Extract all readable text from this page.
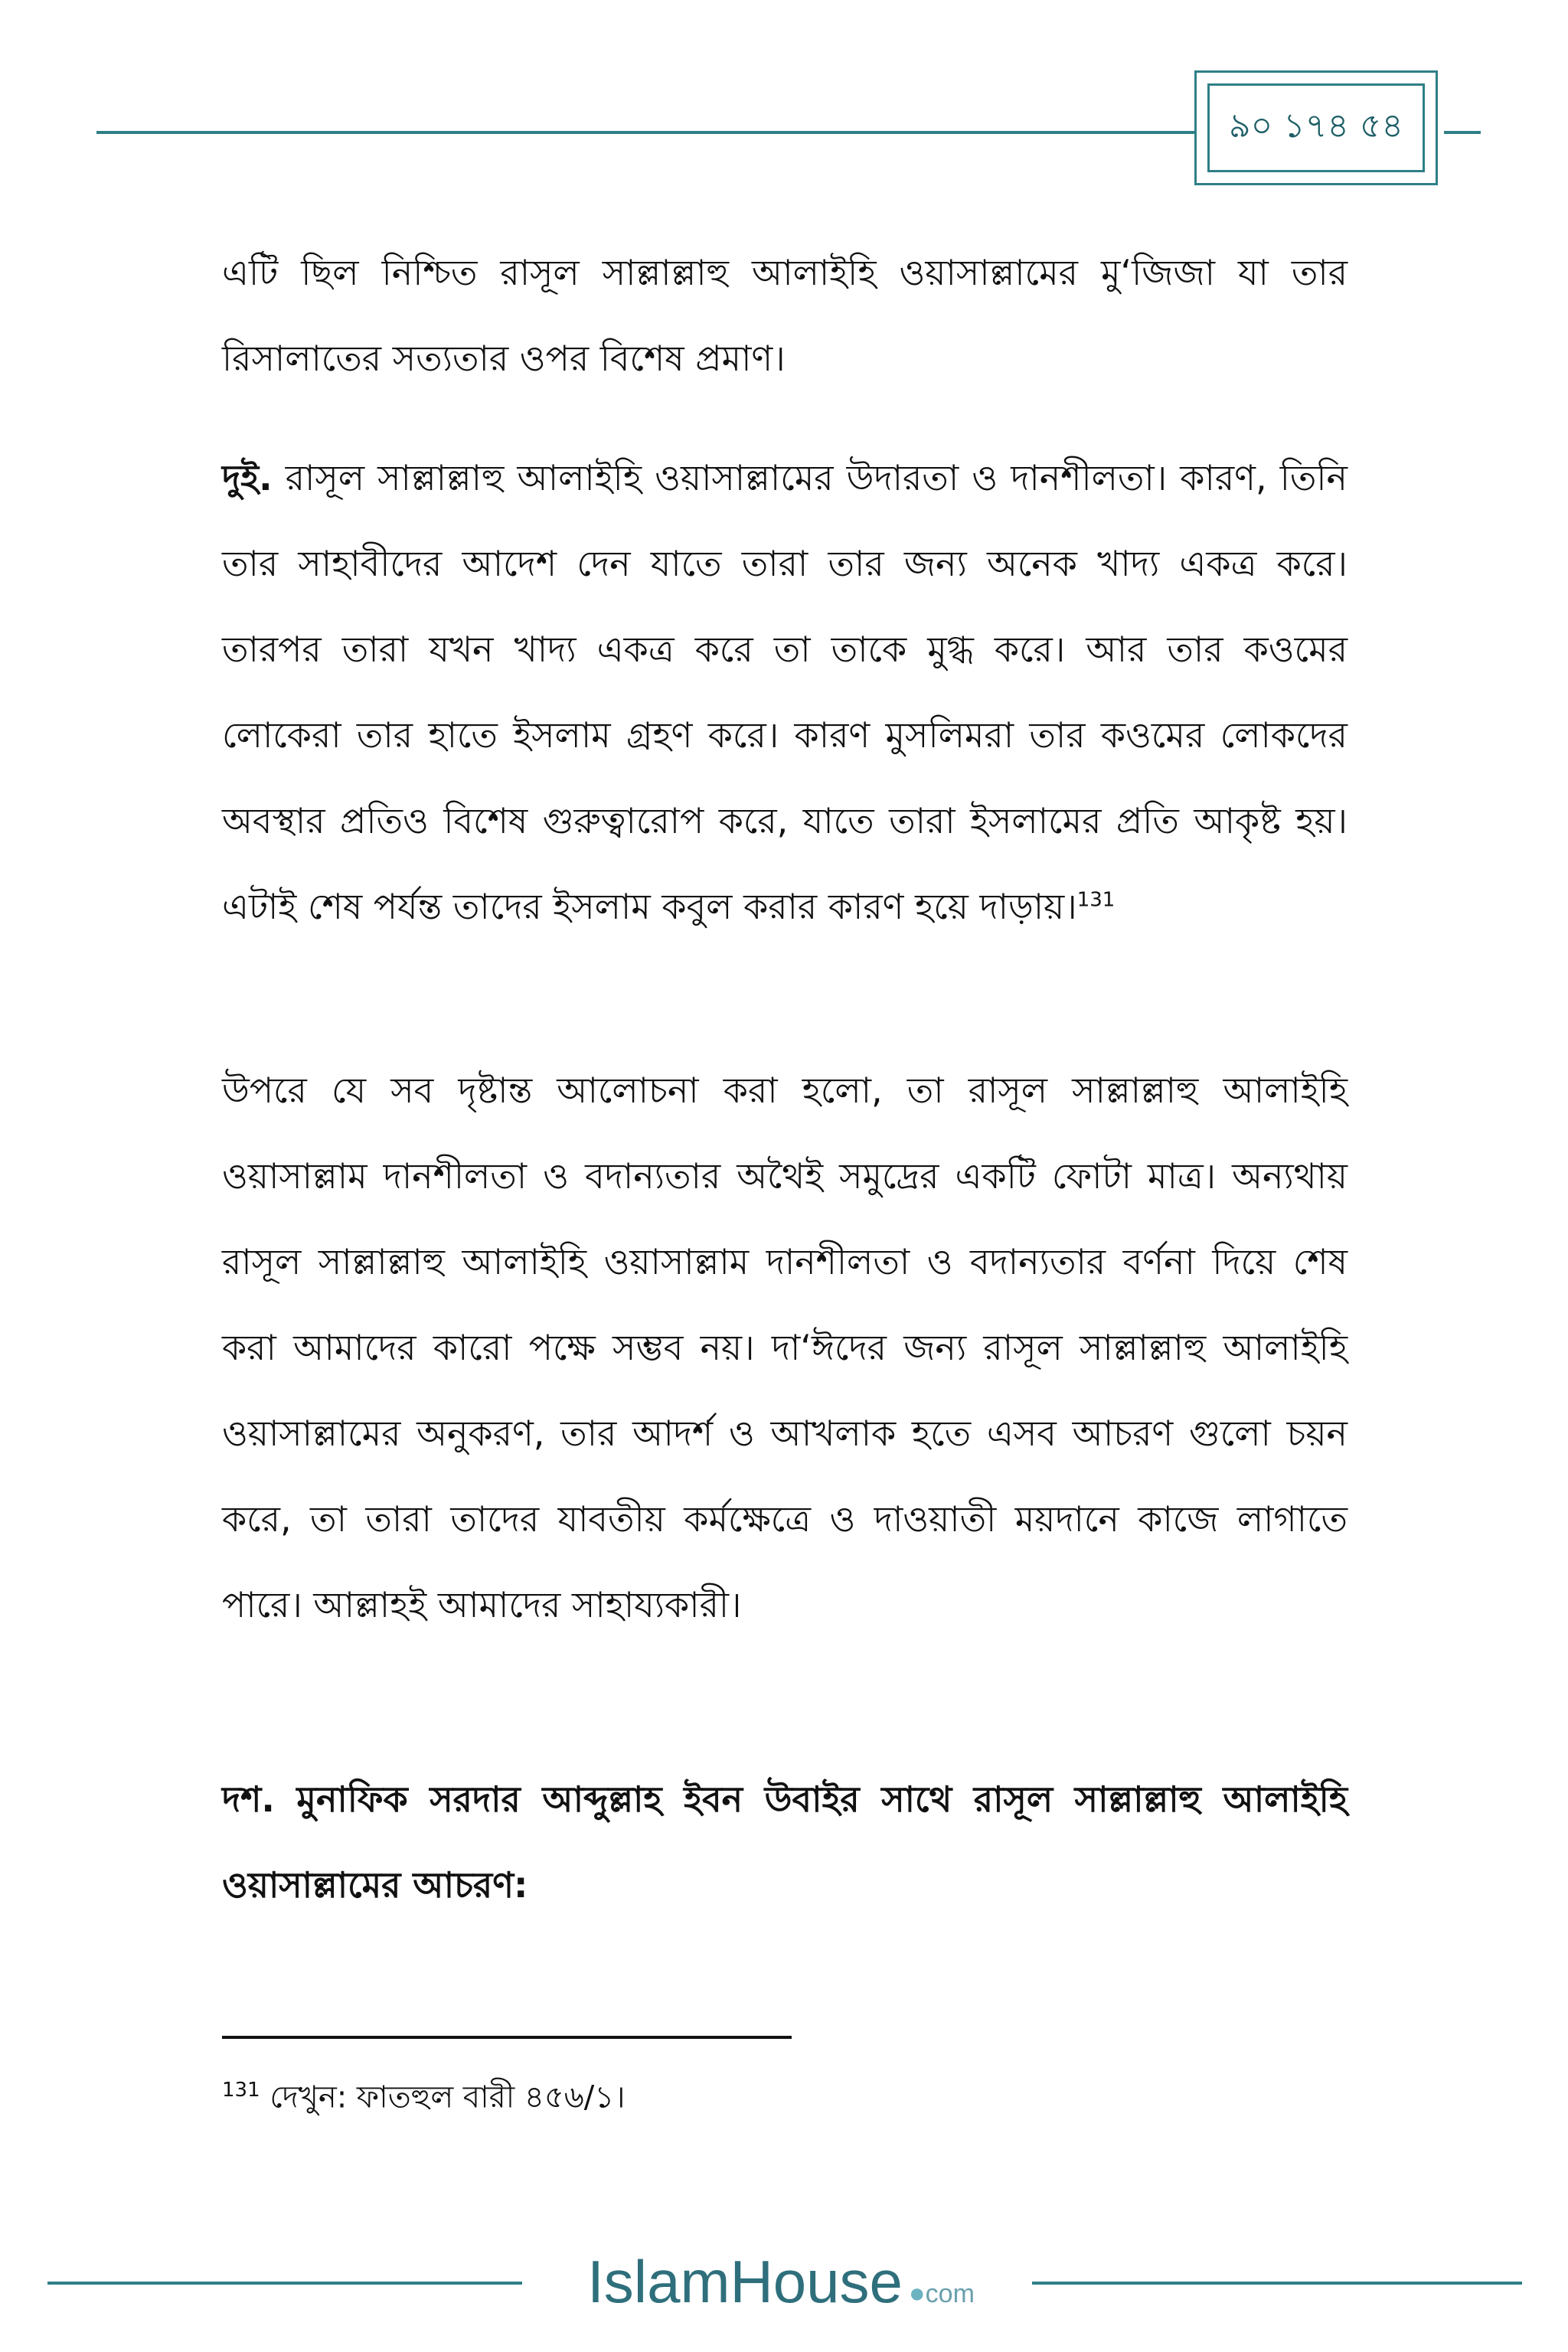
৯০ ১৭৪ ৫৪

এটি ছিল নিশ্চিত রাসূল সাল্লাল্লাহু আলাইহি ওয়াসাল্লামের মু‘জিজা যা তার রিসালাতের সত্যতার ওপর বিশেষ প্রমাণ।

দুই. রাসূল সাল্লাল্লাহু আলাইহি ওয়াসাল্লামের উদারতা ও দানশীলতা। কারণ, তিনি তার সাহাবীদের আদেশ দেন যাতে তারা তার জন্য অনেক খাদ্য একত্র করে। তারপর তারা যখন খাদ্য একত্র করে তা তাকে মুগ্ধ করে। আর তার কওমের লোকেরা তার হাতে ইসলাম গ্রহণ করে। কারণ মুসলিমরা তার কওমের লোকদের অবস্থার প্রতিও বিশেষ গুরুত্বারোপ করে, যাতে তারা ইসলামের প্রতি আকৃষ্ট হয়। এটাই শেষ পর্যন্ত তাদের ইসলাম কবুল করার কারণ হয়ে দাড়ায়।$^{131}$

উপরে যে সব দৃষ্টান্ত আলোচনা করা হলো, তা রাসূল সাল্লাল্লাহু আলাইহি ওয়াসাল্লাম দানশীলতা ও বদান্যতার অথৈই সমুদ্রের একটি ফোটা মাত্র। অন্যথায় রাসূল সাল্লাল্লাহু আলাইহি ওয়াসাল্লাম দানশীলতা ও বদান্যতার বর্ণনা দিয়ে শেষ করা আমাদের কারো পক্ষে সম্ভব নয়। দা‘ঈদের জন্য রাসূল সাল্লাল্লাহু আলাইহি ওয়াসাল্লামের অনুকরণ, তার আদর্শ ও আখলাক হতে এসব আচরণ গুলো চয়ন করে, তা তারা তাদের যাবতীয় কর্মক্ষেত্রে ও দাওয়াতী ময়দানে কাজে লাগাতে পারে। আল্লাহই আমাদের সাহায্যকারী।

দশ. মুনাফিক সরদার আব্দুল্লাহ ইবন উবাইর সাথে রাসূল সাল্লাল্লাহু আলাইহি ওয়াসাল্লামের আচরণ:

$^{131}$ দেখুন: ফাতহুল বারী ৪৫৬/১।
IslamHouse ● com
